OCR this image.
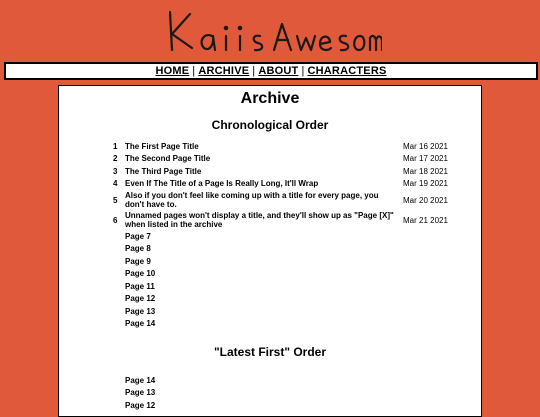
HOME | ARCHIVE | ABOUT | CHARACTERS
Archive
Chronological Order
1	The First Page Title	Mar 16 2021
2	The Second Page Title	Mar 17 2021
3	The Third Page Title	Mar 18 2021
4	Even If The Title of a Page Is Really Long, It'll Wrap	Mar 19 2021
5	Also if you don't feel like coming up with a title for every page, you don't have to.	Mar 20 2021
6	Unnamed pages won't display a title, and they'll show up as "Page [X]" when listed in the archive	Mar 21 2021
	Page 7	
	Page 8	
	Page 9	
	Page 10	
	Page 11	
	Page 12	
	Page 13	
	Page 14	
"Latest First" Order
	Page 14	
	Page 13	
	Page 12	
